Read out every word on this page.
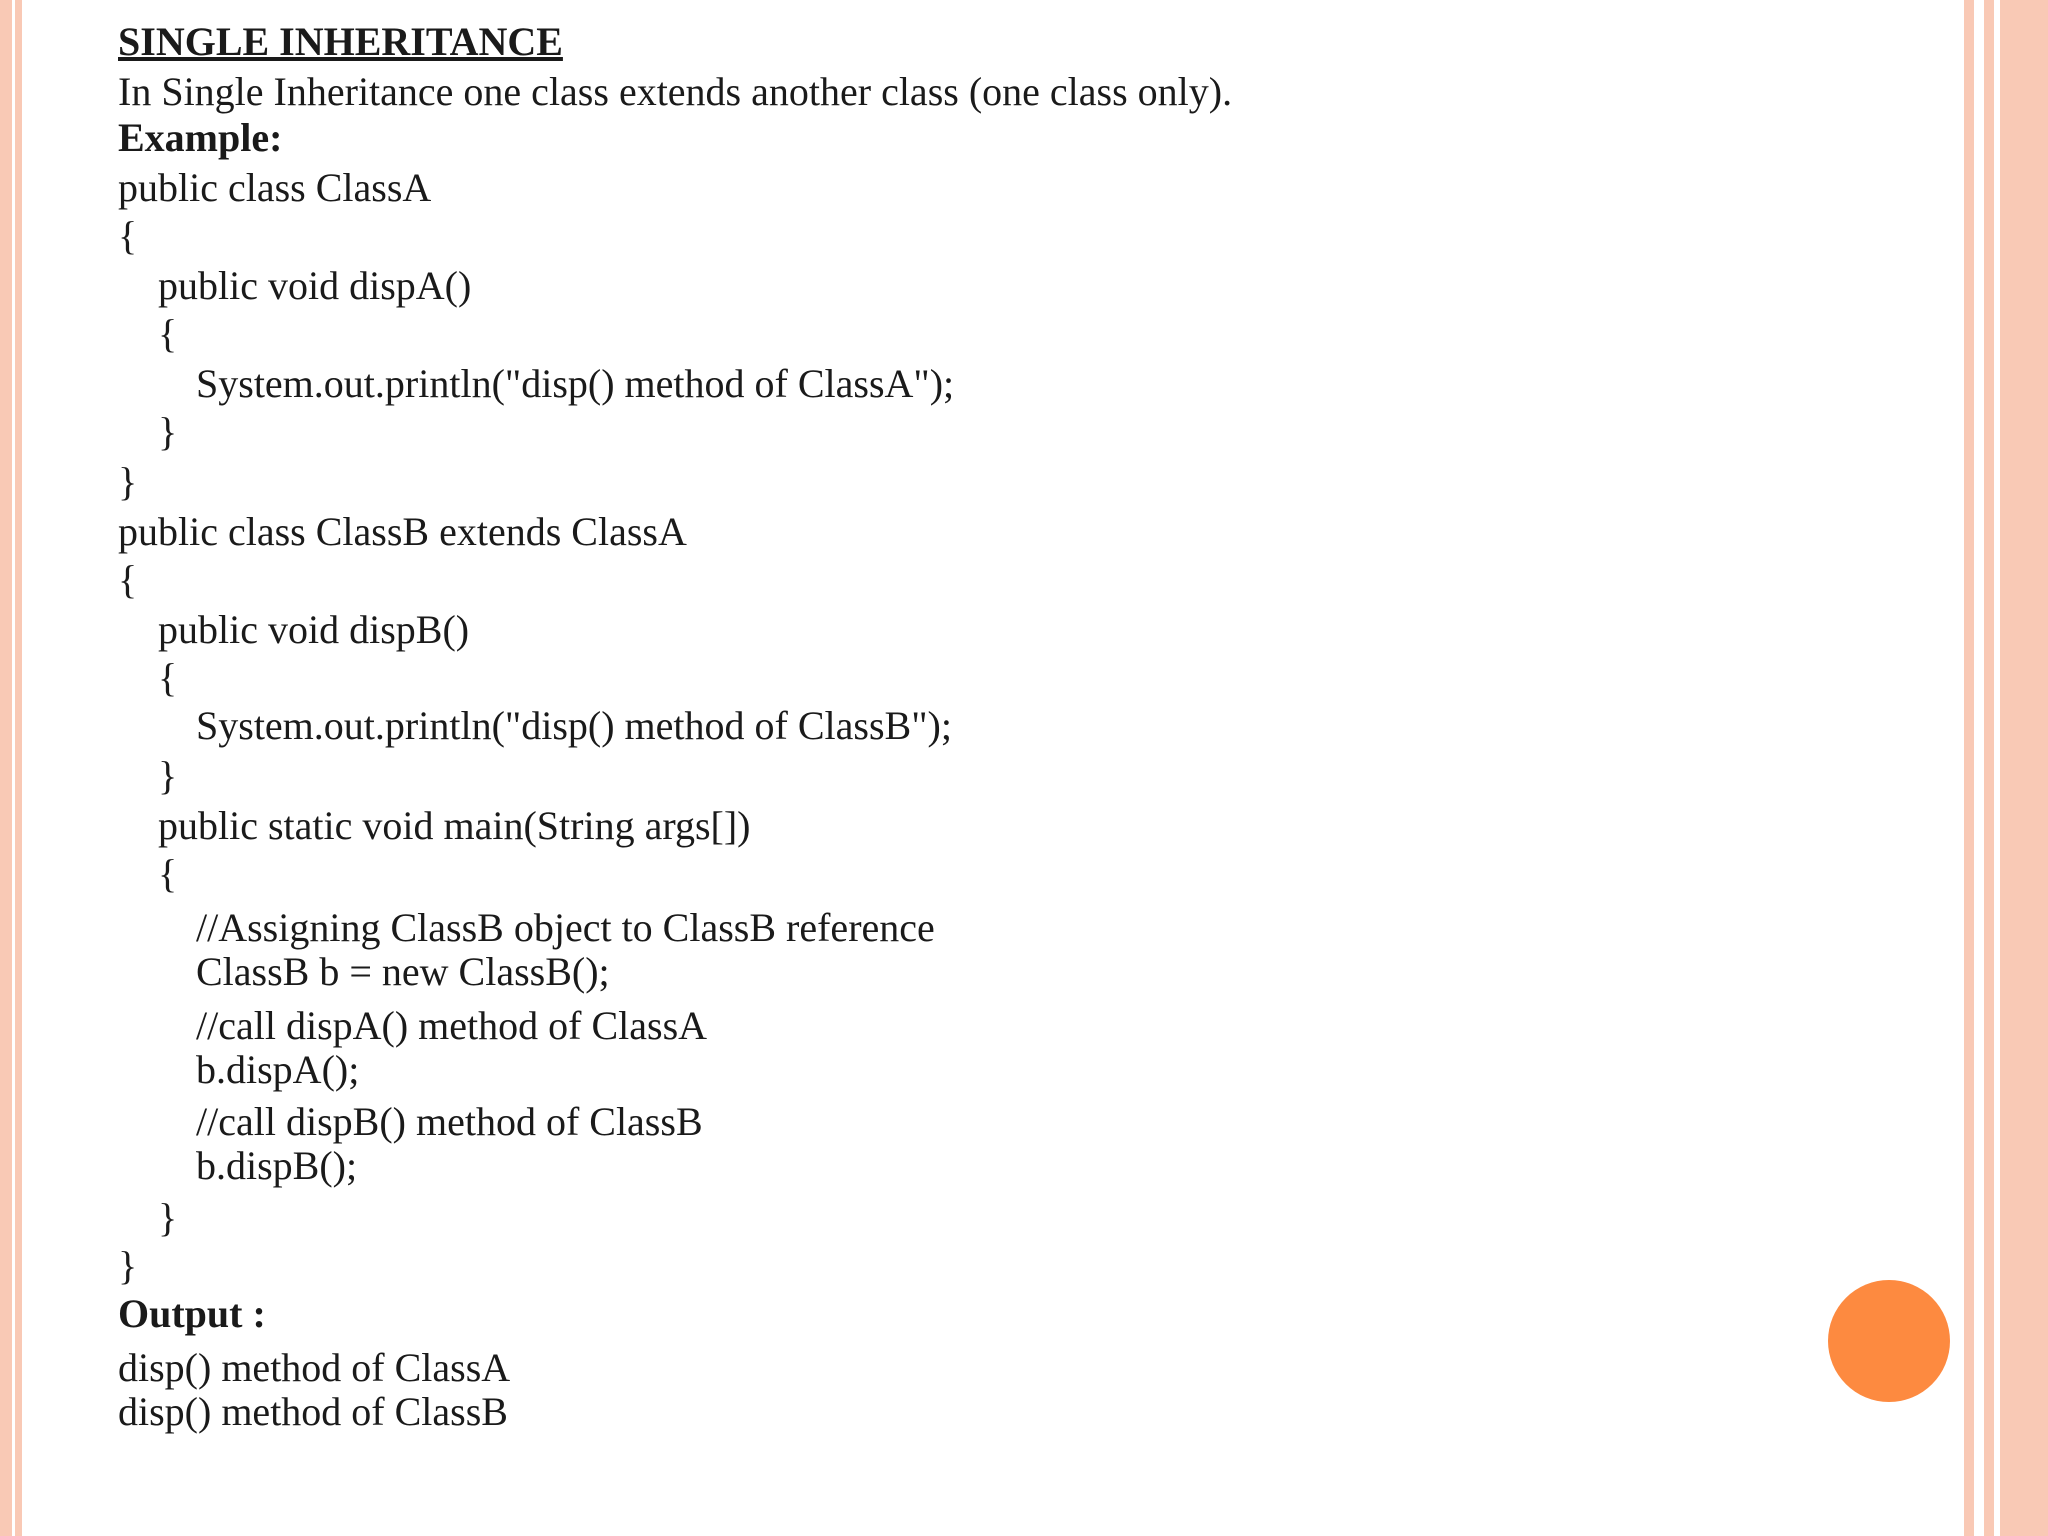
SINGLE INHERITANCE
In Single Inheritance one class extends another class (one class only).
Example:
public class ClassA
{
public void dispA()
{
System.out.println("disp() method of ClassA");
}
}
public class ClassB extends ClassA
{
public void dispB()
{
System.out.println("disp() method of ClassB");
}
public static void main(String args[])
{
//Assigning ClassB object to ClassB reference
ClassB b = new ClassB();
//call dispA() method of ClassA
b.dispA();
//call dispB() method of ClassB
b.dispB();
}
}
Output :
disp() method of ClassA
disp() method of ClassB
